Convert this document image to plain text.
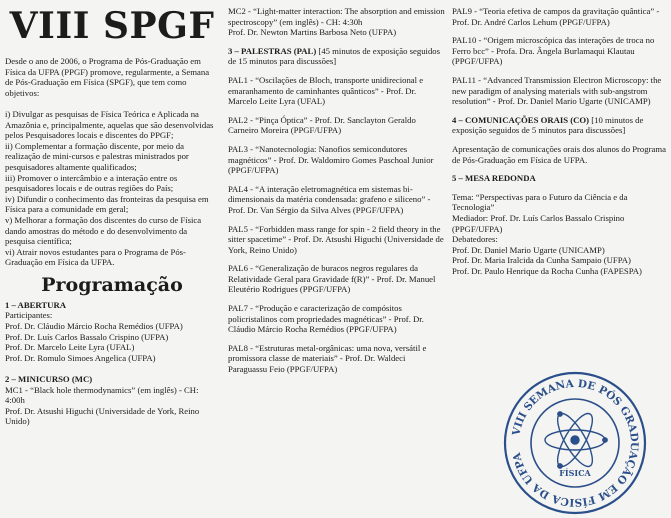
VIII SPGF

Desde o ano de 2006, o Programa de Pós-Graduação em Física da UFPA (PPGF) promove, regularmente, a Semana de Pós-Graduação em Física (SPGF), que tem como objetivos:

i) Divulgar as pesquisas de Física Teórica e Aplicada na Amazônia e, principalmente, aquelas que são desenvolvidas pelos Pesquisadores locais e discentes do PPGF;

ii) Complementar a formação discente, por meio da realização de mini-cursos e palestras ministrados por pesquisadores altamente qualificados;

iii) Promover o intercâmbio e a interação entre os pesquisadores locais e de outras regiões do País;

iv) Difundir o conhecimento das fronteiras da pesquisa em Física para a comunidade em geral;

v) Melhorar a formação dos discentes do curso de Física dando amostras do método e do desenvolvimento da pesquisa científica;

vi) Atrair novos estudantes para o Programa de Pós-Graduação em Física da UFPA.

Programação

1 – ABERTURA

Participantes:

Prof. Dr. Cláudio Márcio Rocha Remédios (UFPA)

Prof. Dr. Luís Carlos Bassalo Crispino (UFPA)

Prof. Dr. Marcelo Leite Lyra (UFAL)

Prof. Dr. Romulo Simoes Angelica (UFPA)

2 – MINICURSO (MC)

MC1 - “Black hole thermodynamics” (em inglês) - CH: 4:00h

Prof. Dr. Atsushi Higuchi (Universidade de York, Reino Unido)

MC2 - “Light-matter interaction: The absorption and emission spectroscopy” (em inglês) - CH: 4:30h

Prof. Dr. Newton Martins Barbosa Neto (UFPA)

3 – PALESTRAS (PAL) [45 minutos de exposição seguidos de 15 minutos para discussões]

PAL1 - “Oscilações de Bloch, transporte unidirecional e emaranhamento de caminhantes quânticos” - Prof. Dr. Marcelo Leite Lyra (UFAL)

PAL2 - “Pinça Óptica” - Prof. Dr. Sanclayton Geraldo Carneiro Moreira (PPGF/UFPA)

PAL3 - “Nanotecnologia: Nanofios semicondutores magnéticos” - Prof. Dr. Waldomiro Gomes Paschoal Junior (PPGF/UFPA)

PAL4 - “A interação eletromagnética em sistemas bi-dimensionais da matéria condensada: grafeno e siliceno” - Prof. Dr. Van Sérgio da Silva Alves (PPGF/UFPA)

PAL5 - “Forbidden mass range for spin - 2 field theory in the sitter spacetime” - Prof. Dr. Atsushi Higuchi (Universidade de York, Reino Unido)

PAL6 - “Generalização de buracos negros regulares da Relatividade Geral para Gravidade f(R)” - Prof. Dr. Manuel Eleutério Rodrigues (PPGF/UFPA)

PAL7 - “Produção e caracterização de compósitos policristalinos com propriedades magnéticas” - Prof. Dr. Cláudio Márcio Rocha Remédios (PPGF/UFPA)

PAL8 - “Estruturas metal-orgânicas: uma nova, versátil e promissora classe de materiais” - Prof. Dr. Waldeci Paraguassu Feio (PPGF/UFPA)

PAL9 - “Teoria efetiva de campos da gravitação quântica” - Prof. Dr. André Carlos Lehum (PPGF/UFPA)

PAL10 - “Origem microscópica das interações de troca no Ferro bcc” - Profa. Dra. Ângela Burlamaqui Klautau (PPGF/UFPA)

PAL11 - “Advanced Transmission Electron Microscopy: the new paradigm of analysing materials with sub-angstrom resolution” - Prof. Dr. Daniel Mario Ugarte (UNICAMP)

4 – COMUNICAÇÕES ORAIS (CO) [10 minutos de exposição seguidos de 5 minutos para discussões]

Apresentação de comunicações orais dos alunos do Programa de Pós-Graduação em Física de UFPA.

5 – MESA REDONDA

Tema: “Perspectivas para o Futuro da Ciência e da Tecnologia”

Mediador: Prof. Dr. Luís Carlos Bassalo Crispino (PPGF/UFPA)

Debatedores:

Prof. Dr. Daniel Mario Ugarte (UNICAMP)

Prof. Dr. Maria Iralcida da Cunha Sampaio (UFPA)

Prof. Dr. Paulo Henrique da Rocha Cunha (FAPESPA)

VIII SEMANA DE PÓS GRADUAÇÃO EM FÍSICA DA UFPA
FÍSICA
